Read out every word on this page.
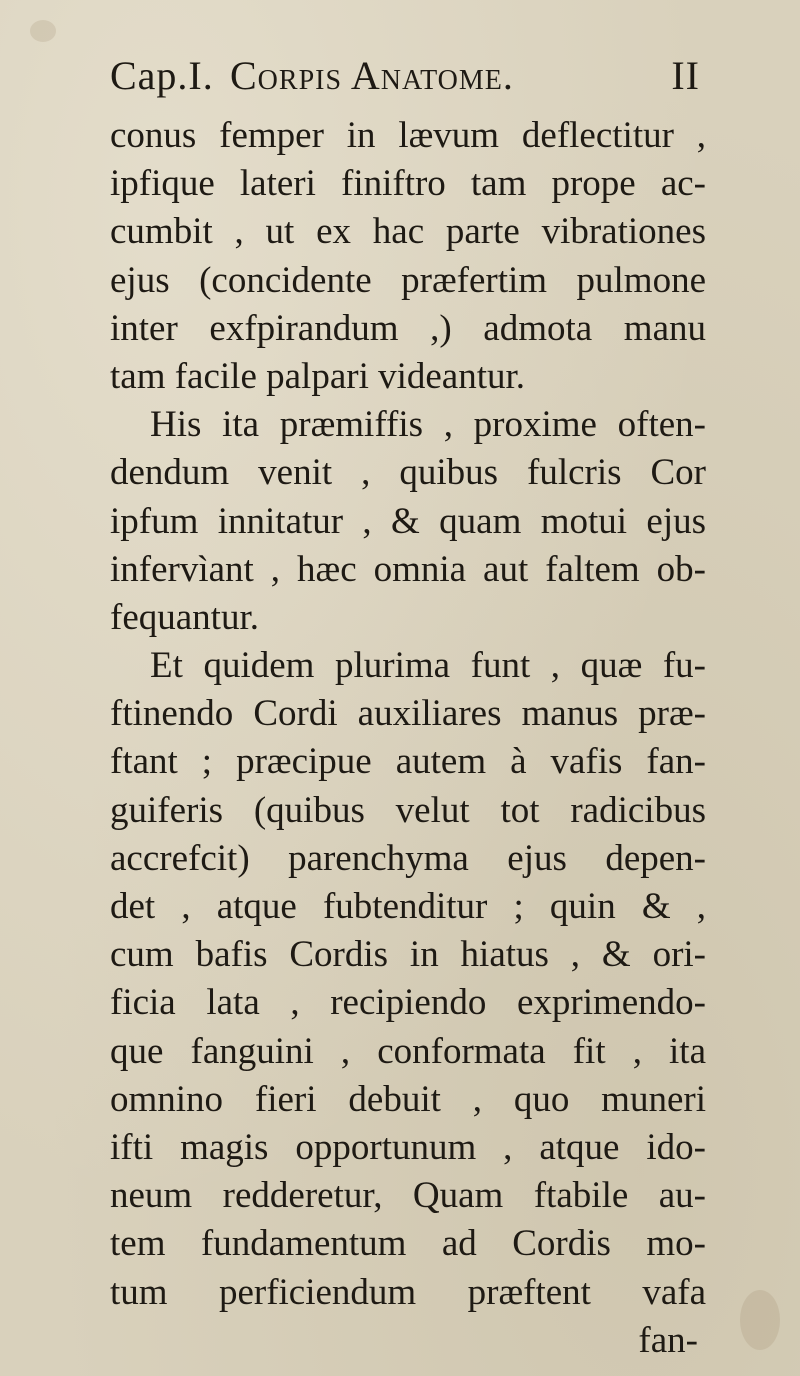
Cap.I. Corpis Anatome.	II
conus femper in lævum deflectitur ,
ipfique lateri finiftro tam prope ac-
cumbit , ut ex hac parte vibrationes
ejus (concidente præfertim pulmone
inter exfpirandum ,) admota manu
tam facile palpari videantur.
His ita præmiffis , proxime often-
dendum venit , quibus fulcris Cor
ipfum innitatur , & quam motui ejus
infervìant , hæc omnia aut faltem ob-
fequantur.
Et quidem plurima funt , quæ fu-
ftinendo Cordi auxiliares manus præ-
ftant ; præcipue autem à vafis fan-
guiferis (quibus velut tot radicibus
accrefcit) parenchyma ejus depen-
det , atque fubtenditur ; quin & ,
cum bafis Cordis in hiatus , & ori-
ficia lata , recipiendo exprimendo-
que fanguini , conformata fit , ita
omnino fieri debuit , quo muneri
ifti magis opportunum , atque ido-
neum redderetur, Quam ftabile au-
tem fundamentum ad Cordis mo-
tum perficiendum præftent vafa
fan-
